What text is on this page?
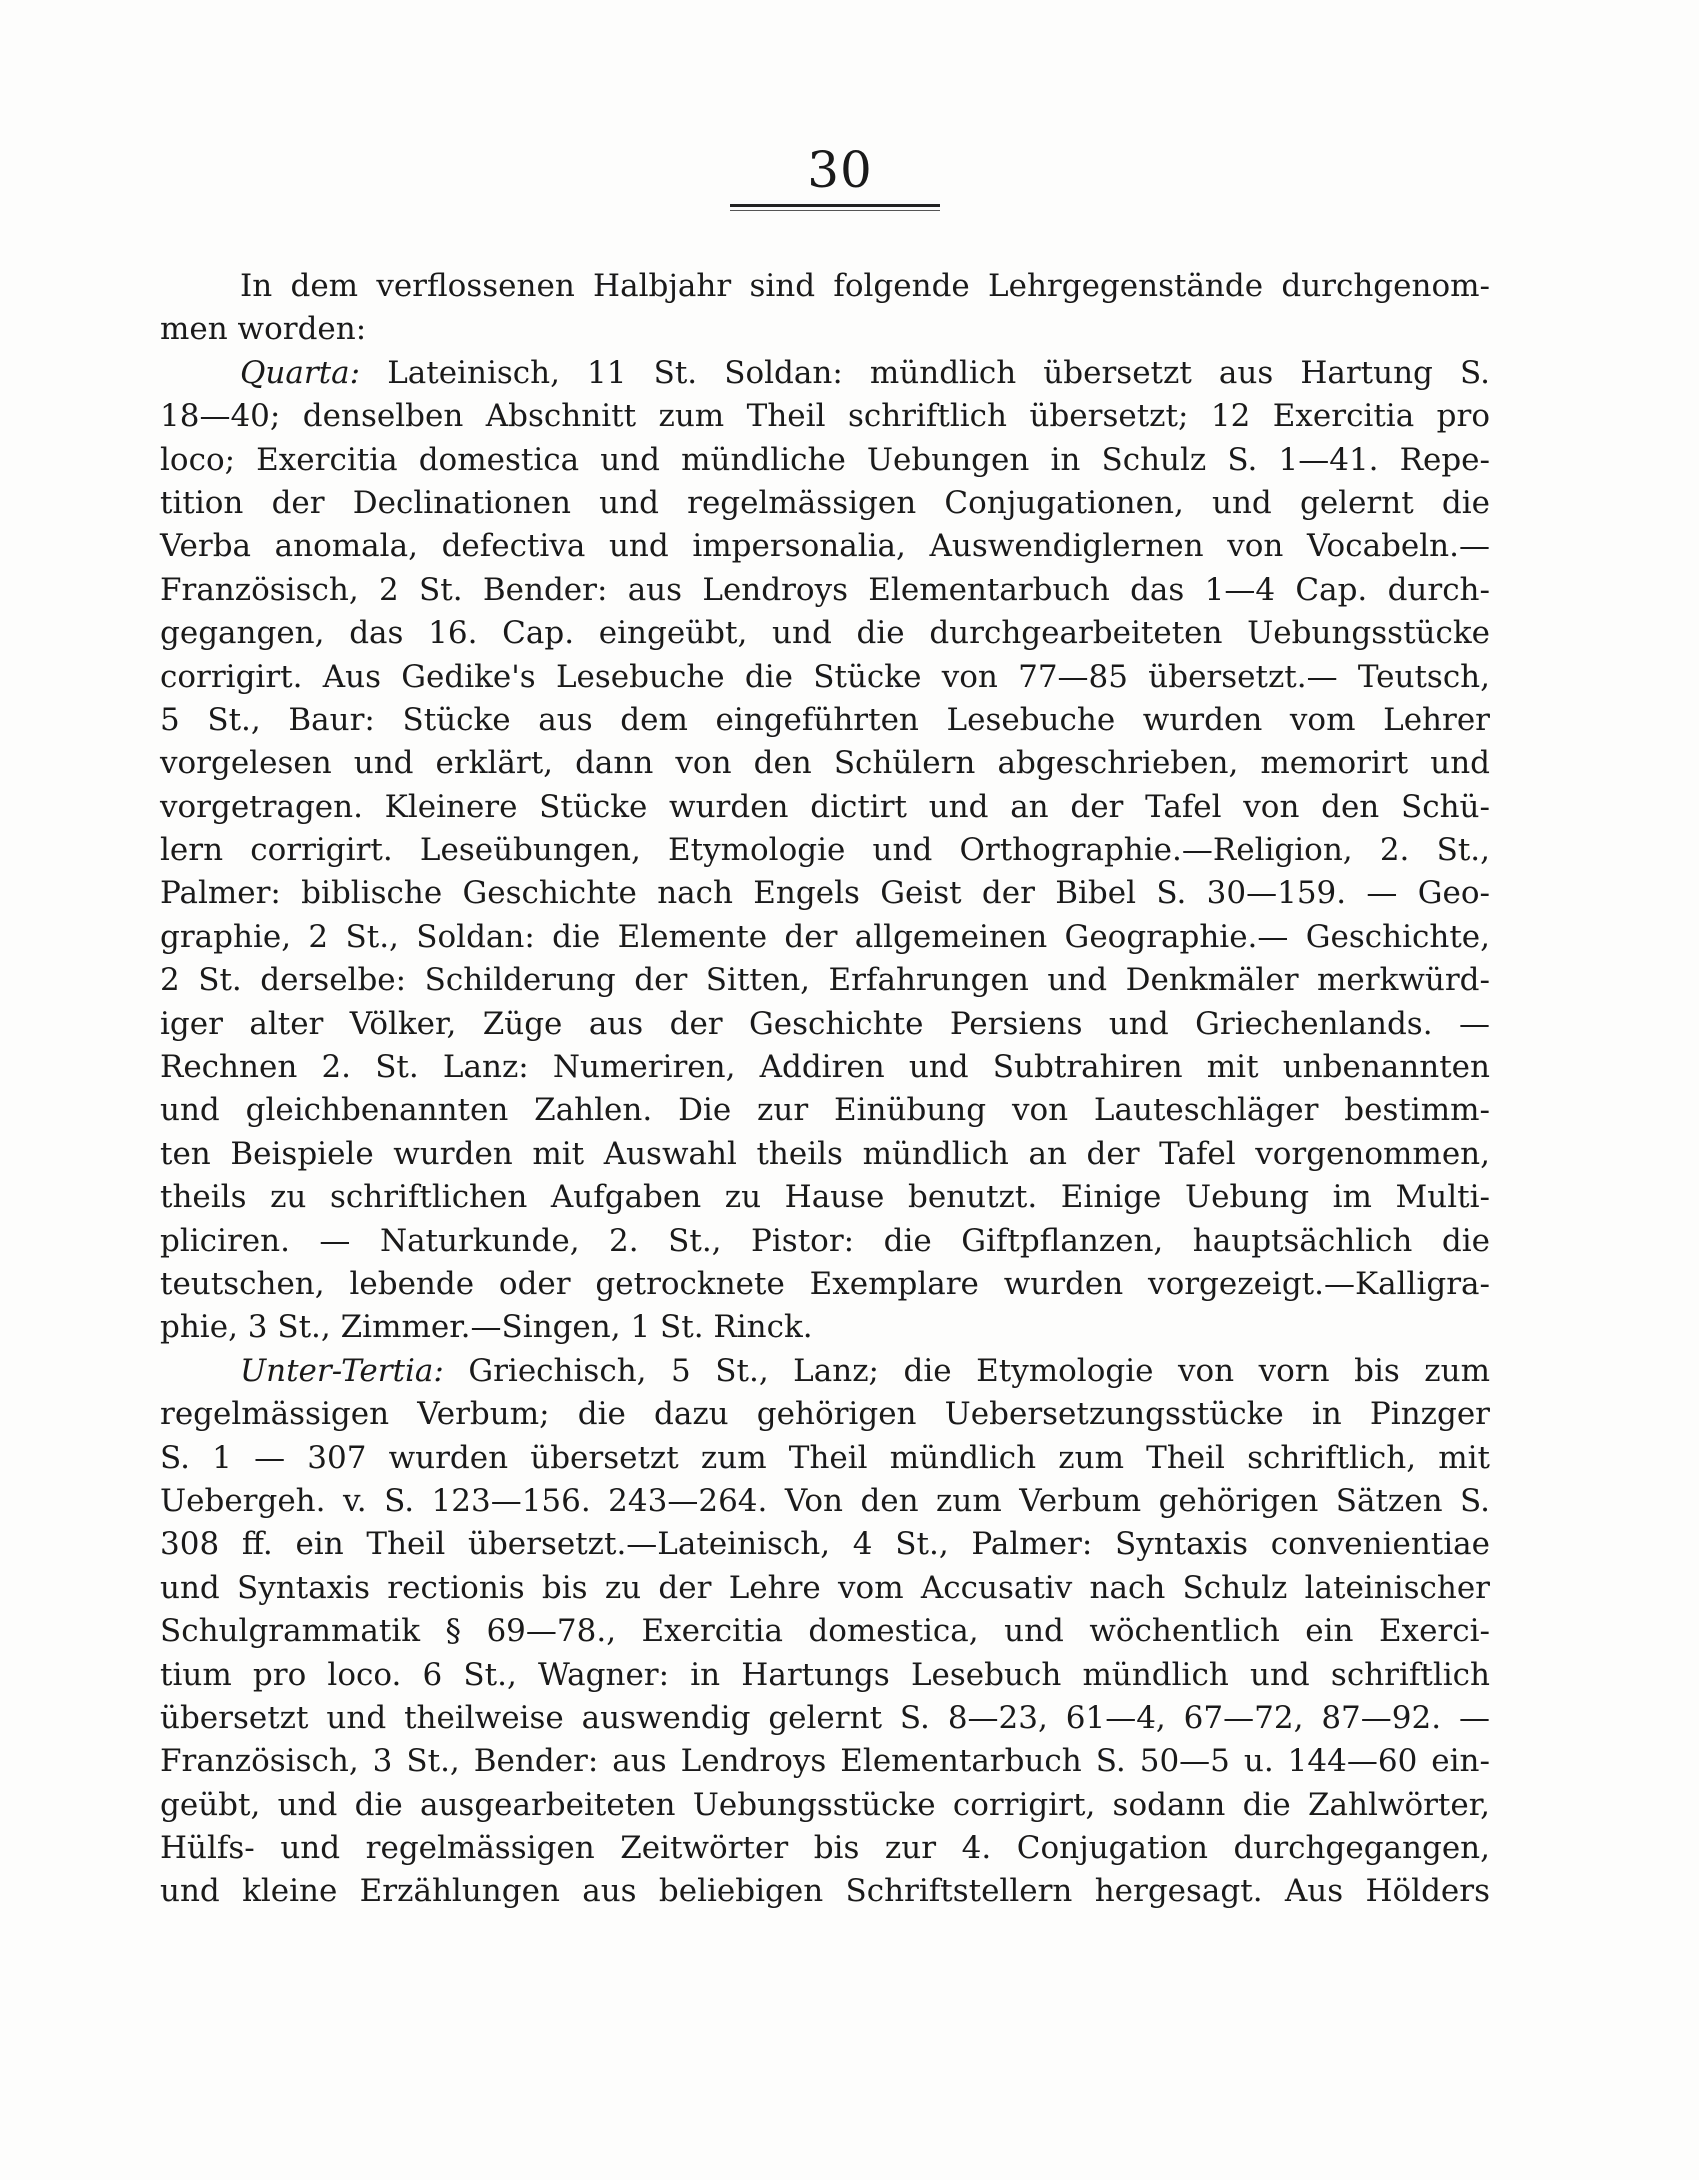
30
In dem verflossenen Halbjahr sind folgende Lehrgegenstände durchgenom-
men worden:
Quarta: Lateinisch, 11 St. Soldan: mündlich übersetzt aus Hartung S.
18—40; denselben Abschnitt zum Theil schriftlich übersetzt; 12 Exercitia pro
loco; Exercitia domestica und mündliche Uebungen in Schulz S. 1—41. Repe-
tition der Declinationen und regelmässigen Conjugationen, und gelernt die
Verba anomala, defectiva und impersonalia, Auswendiglernen von Vocabeln.—
Französisch, 2 St. Bender: aus Lendroys Elementarbuch das 1—4 Cap. durch-
gegangen, das 16. Cap. eingeübt, und die durchgearbeiteten Uebungsstücke
corrigirt. Aus Gedike's Lesebuche die Stücke von 77—85 übersetzt.— Teutsch,
5 St., Baur: Stücke aus dem eingeführten Lesebuche wurden vom Lehrer
vorgelesen und erklärt, dann von den Schülern abgeschrieben, memorirt und
vorgetragen. Kleinere Stücke wurden dictirt und an der Tafel von den Schü-
lern corrigirt. Leseübungen, Etymologie und Orthographie.—Religion, 2. St.,
Palmer: biblische Geschichte nach Engels Geist der Bibel S. 30—159. — Geo-
graphie, 2 St., Soldan: die Elemente der allgemeinen Geographie.— Geschichte,
2 St. derselbe: Schilderung der Sitten, Erfahrungen und Denkmäler merkwürd-
iger alter Völker, Züge aus der Geschichte Persiens und Griechenlands. —
Rechnen 2. St. Lanz: Numeriren, Addiren und Subtrahiren mit unbenannten
und gleichbenannten Zahlen. Die zur Einübung von Lauteschläger bestimm-
ten Beispiele wurden mit Auswahl theils mündlich an der Tafel vorgenommen,
theils zu schriftlichen Aufgaben zu Hause benutzt. Einige Uebung im Multi-
pliciren. — Naturkunde, 2. St., Pistor: die Giftpflanzen, hauptsächlich die
teutschen, lebende oder getrocknete Exemplare wurden vorgezeigt.—Kalligra-
phie, 3 St., Zimmer.—Singen, 1 St. Rinck.
Unter-Tertia: Griechisch, 5 St., Lanz; die Etymologie von vorn bis zum
regelmässigen Verbum; die dazu gehörigen Uebersetzungsstücke in Pinzger
S. 1 — 307 wurden übersetzt zum Theil mündlich zum Theil schriftlich, mit
Uebergeh. v. S. 123—156. 243—264. Von den zum Verbum gehörigen Sätzen S.
308 ff. ein Theil übersetzt.—Lateinisch, 4 St., Palmer: Syntaxis convenientiae
und Syntaxis rectionis bis zu der Lehre vom Accusativ nach Schulz lateinischer
Schulgrammatik § 69—78., Exercitia domestica, und wöchentlich ein Exerci-
tium pro loco. 6 St., Wagner: in Hartungs Lesebuch mündlich und schriftlich
übersetzt und theilweise auswendig gelernt S. 8—23, 61—4, 67—72, 87—92. —
Französisch, 3 St., Bender: aus Lendroys Elementarbuch S. 50—5 u. 144—60 ein-
geübt, und die ausgearbeiteten Uebungsstücke corrigirt, sodann die Zahlwörter,
Hülfs- und regelmässigen Zeitwörter bis zur 4. Conjugation durchgegangen,
und kleine Erzählungen aus beliebigen Schriftstellern hergesagt. Aus Hölders
